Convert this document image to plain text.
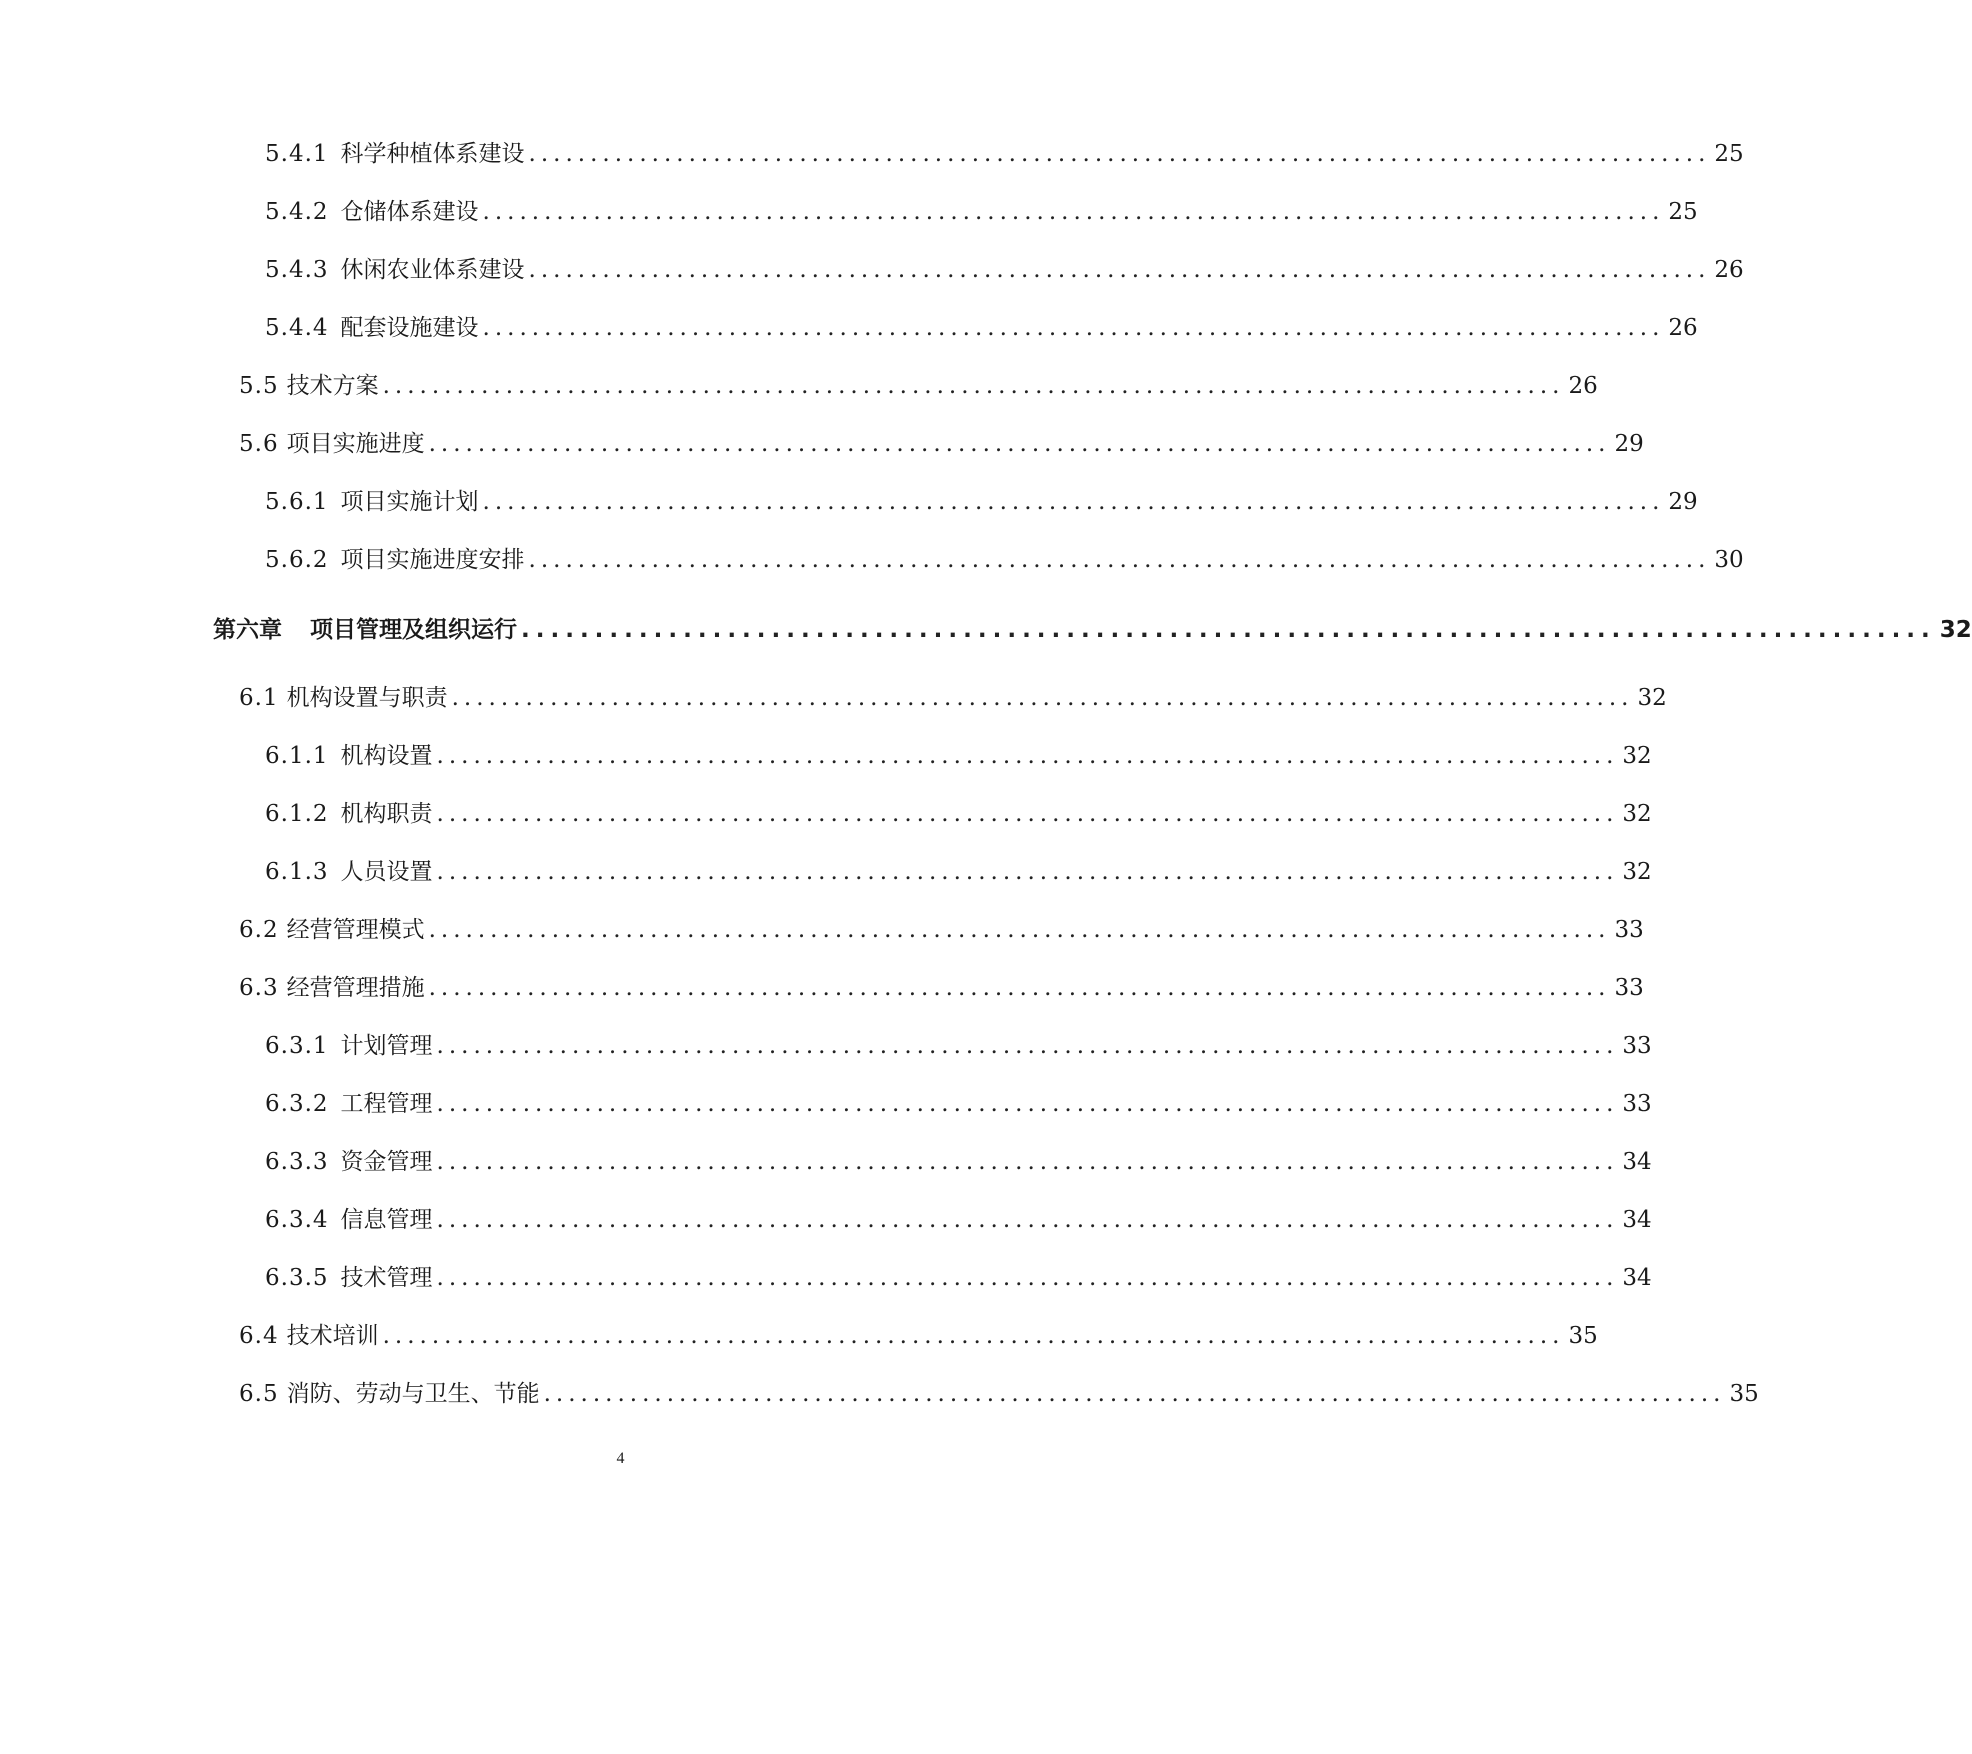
5.4.1 科学种植体系建设 ................................................................................................ 25
5.4.2 仓储体系建设 ................................................................................................ 25
5.4.3 休闲农业体系建设 ................................................................................................ 26
5.4.4 配套设施建设 ................................................................................................ 26
5.5 技术方案 ................................................................................................ 26
5.6 项目实施进度 ................................................................................................ 29
5.6.1 项目实施计划 ................................................................................................ 29
5.6.2 项目实施进度安排 ................................................................................................ 30
第六章 项目管理及组织运行 ................................................................................................ 32
6.1 机构设置与职责 ................................................................................................ 32
6.1.1 机构设置 ................................................................................................ 32
6.1.2 机构职责 ................................................................................................ 32
6.1.3 人员设置 ................................................................................................ 32
6.2 经营管理模式 ................................................................................................ 33
6.3 经营管理措施 ................................................................................................ 33
6.3.1 计划管理 ................................................................................................ 33
6.3.2 工程管理 ................................................................................................ 33
6.3.3 资金管理 ................................................................................................ 34
6.3.4 信息管理 ................................................................................................ 34
6.3.5 技术管理 ................................................................................................ 34
6.4 技术培训 ................................................................................................ 35
6.5 消防、劳动与卫生、节能 ................................................................................................ 35
4
